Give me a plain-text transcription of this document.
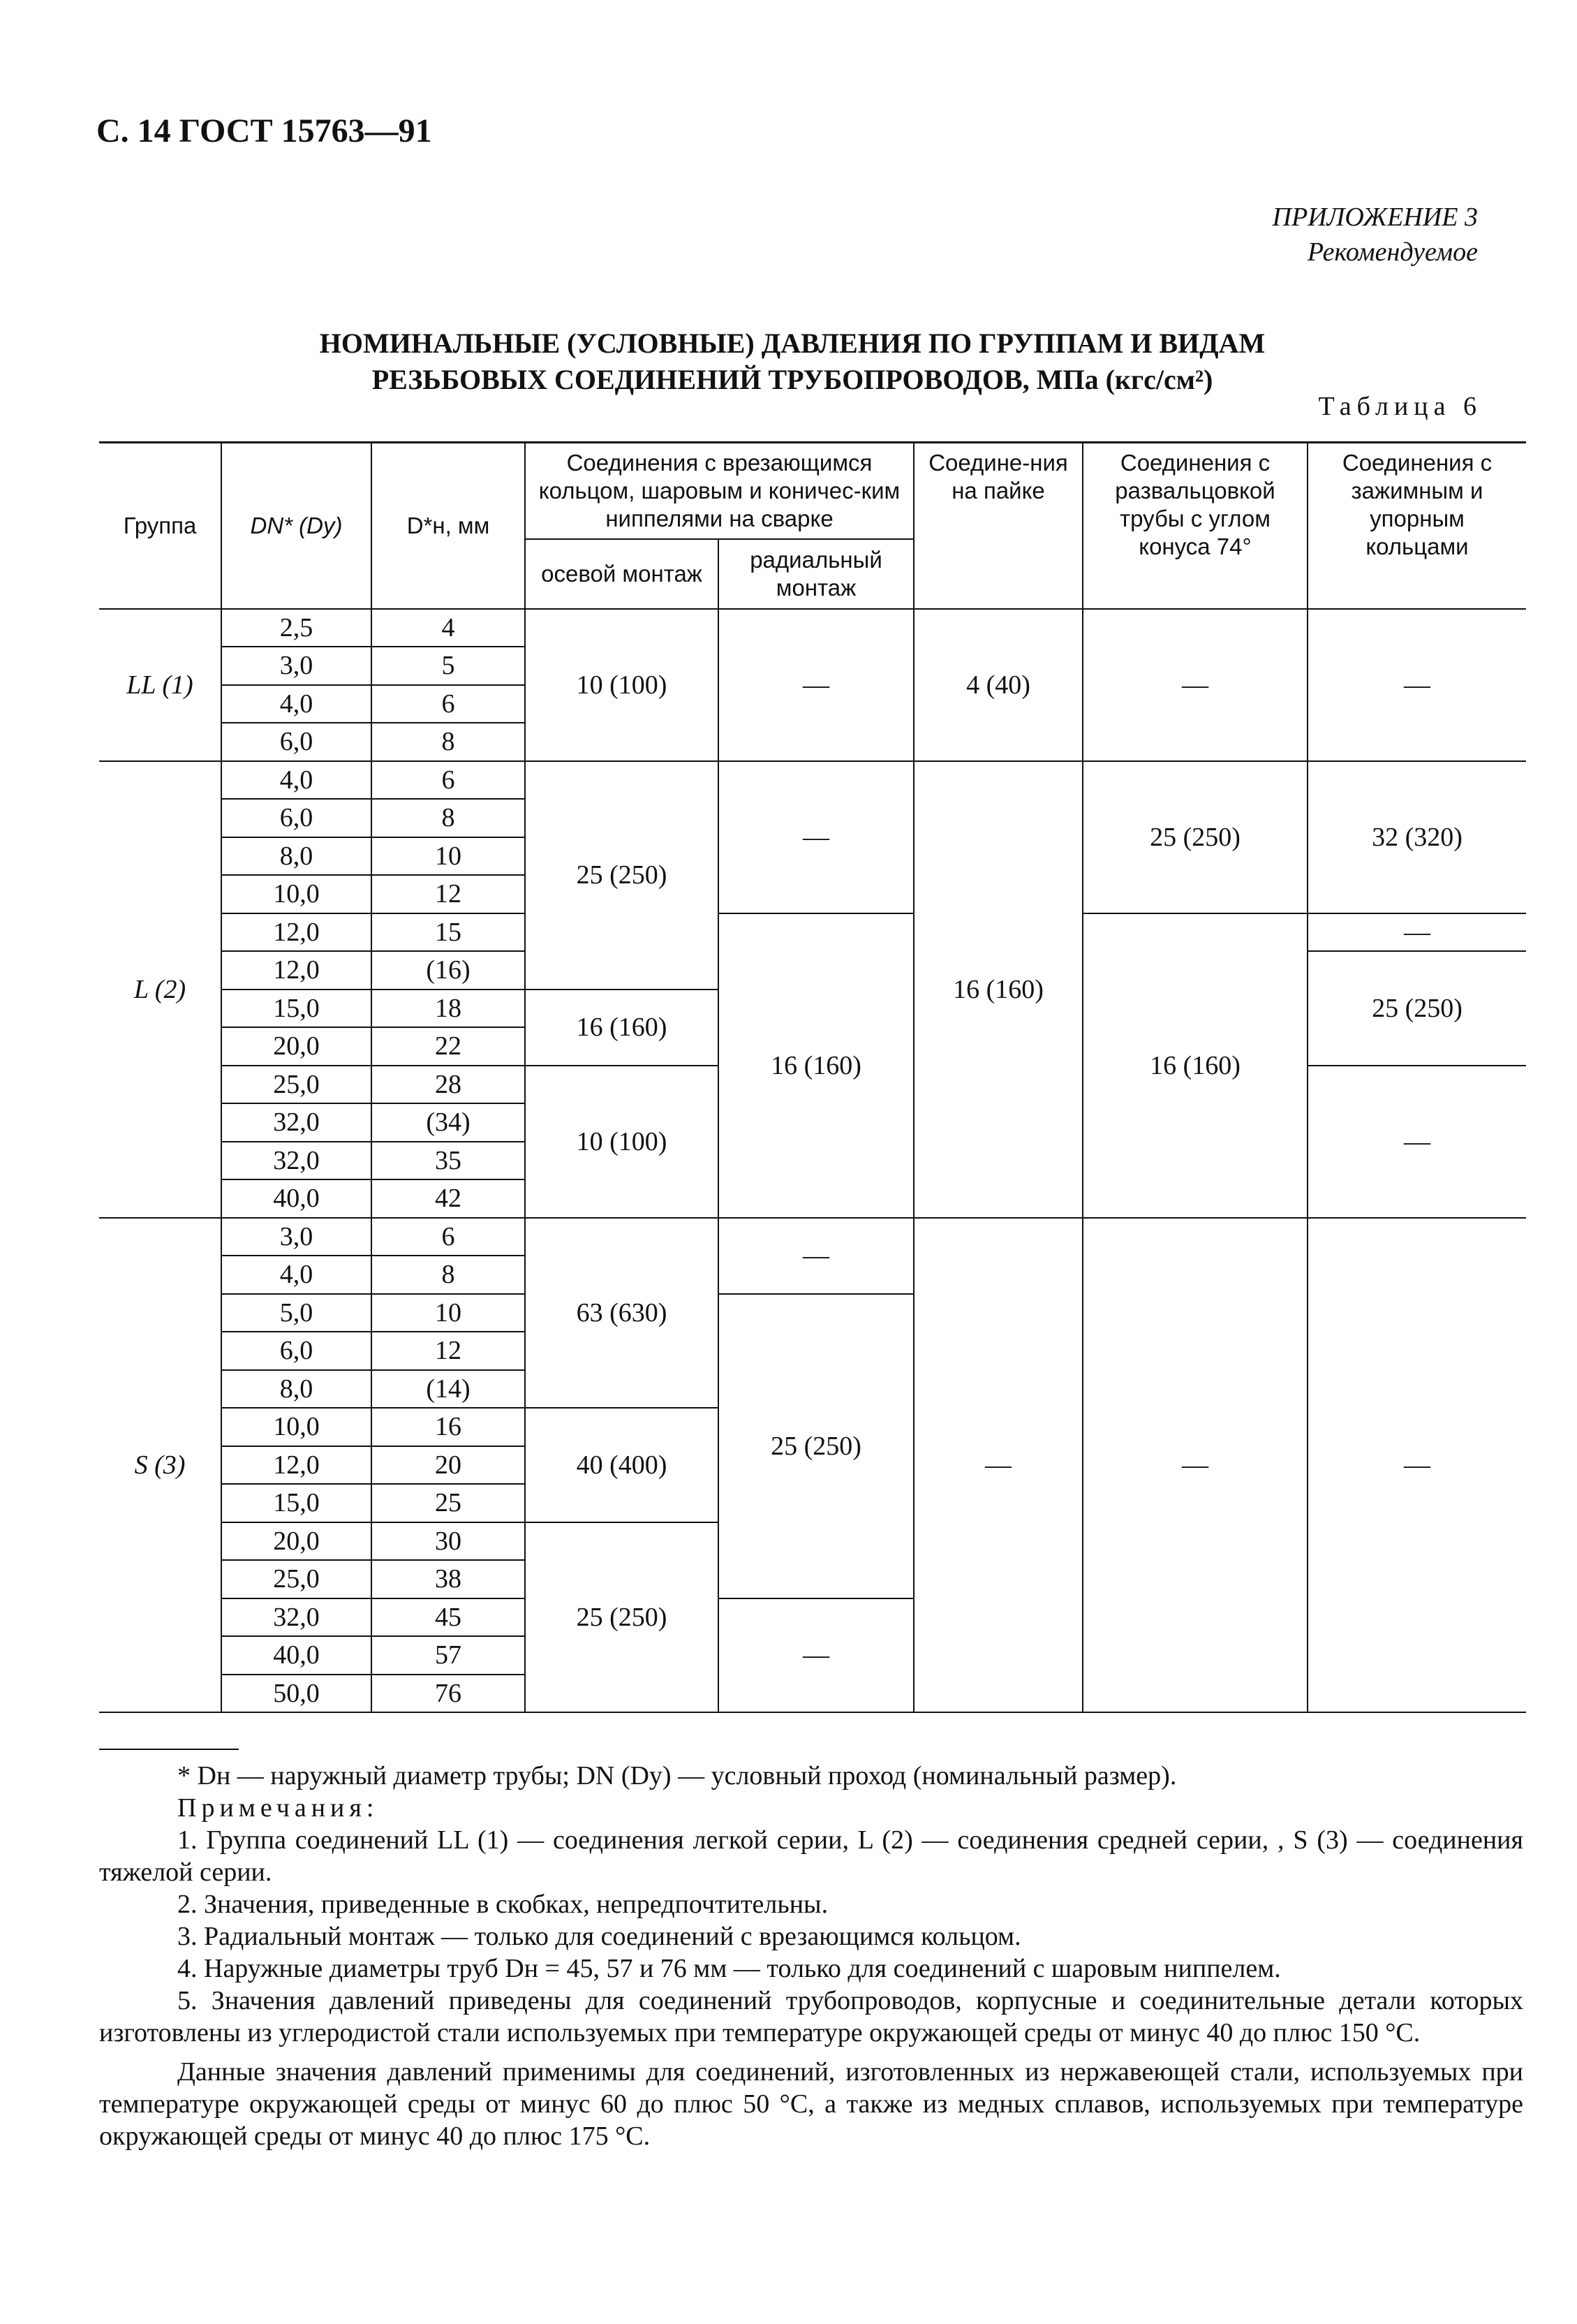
С. 14 ГОСТ 15763—91
ПРИЛОЖЕНИЕ 3
Рекомендуемое
НОМИНАЛЬНЫЕ (УСЛОВНЫЕ) ДАВЛЕНИЯ ПО ГРУППАМ И ВИДАМ
РЕЗЬБОВЫХ СОЕДИНЕНИЙ ТРУБОПРОВОДОВ, МПа (кгс/см²)
Таблица 6
Группа	DN* (Dy)	D*н, мм	Соединения с врезающимся кольцом, шаровым и коничес-ким ниппелями на сварке		Соедине-ния на пайке	Соединения с развальцовкой трубы с углом конуса 74°	Соединения с зажимным и упорным кольцами
			осевой монтаж	радиальный монтаж			
LL (1)	2,5	4	10 (100)	—	4 (40)	—	—
	3,0	5					
	4,0	6					
	6,0	8					
L (2)	4,0	6	25 (250)	—	16 (160)	25 (250)	32 (320)
	6,0	8					
	8,0	10					
	10,0	12					
	12,0	15		16 (160)		16 (160)	—
	12,0	(16)					25 (250)
	15,0	18	16 (160)				
	20,0	22					
	25,0	28	10 (100)				—
	32,0	(34)					
	32,0	35					
	40,0	42					
S (3)	3,0	6	63 (630)	—	—	—	—
	4,0	8					
	5,0	10		25 (250)			
	6,0	12					
	8,0	(14)					
	10,0	16	40 (400)				
	12,0	20					
	15,0	25					
	20,0	30	25 (250)				
	25,0	38					
	32,0	45		—			
	40,0	57					
	50,0	76					

* Dн — наружный диаметр трубы; DN (Dy) — условный проход (номинальный размер).

Примечания:

1. Группа соединений LL (1) — соединения легкой серии, L (2) — соединения средней серии, , S (3) — соединения тяжелой серии.

2. Значения, приведенные в скобках, непредпочтительны.

3. Радиальный монтаж — только для соединений с врезающимся кольцом.

4. Наружные диаметры труб Dн = 45, 57 и 76 мм — только для соединений с шаровым ниппелем.

5. Значения давлений приведены для соединений трубопроводов, корпусные и соединительные детали которых изготовлены из углеродистой стали используемых при температуре окружающей среды от минус 40 до плюс 150 °С.

Данные значения давлений применимы для соединений, изготовленных из нержавеющей стали, используемых при температуре окружающей среды от минус 60 до плюс 50 °С, а также из медных сплавов, используемых при температуре окружающей среды от минус 40 до плюс 175 °С.
